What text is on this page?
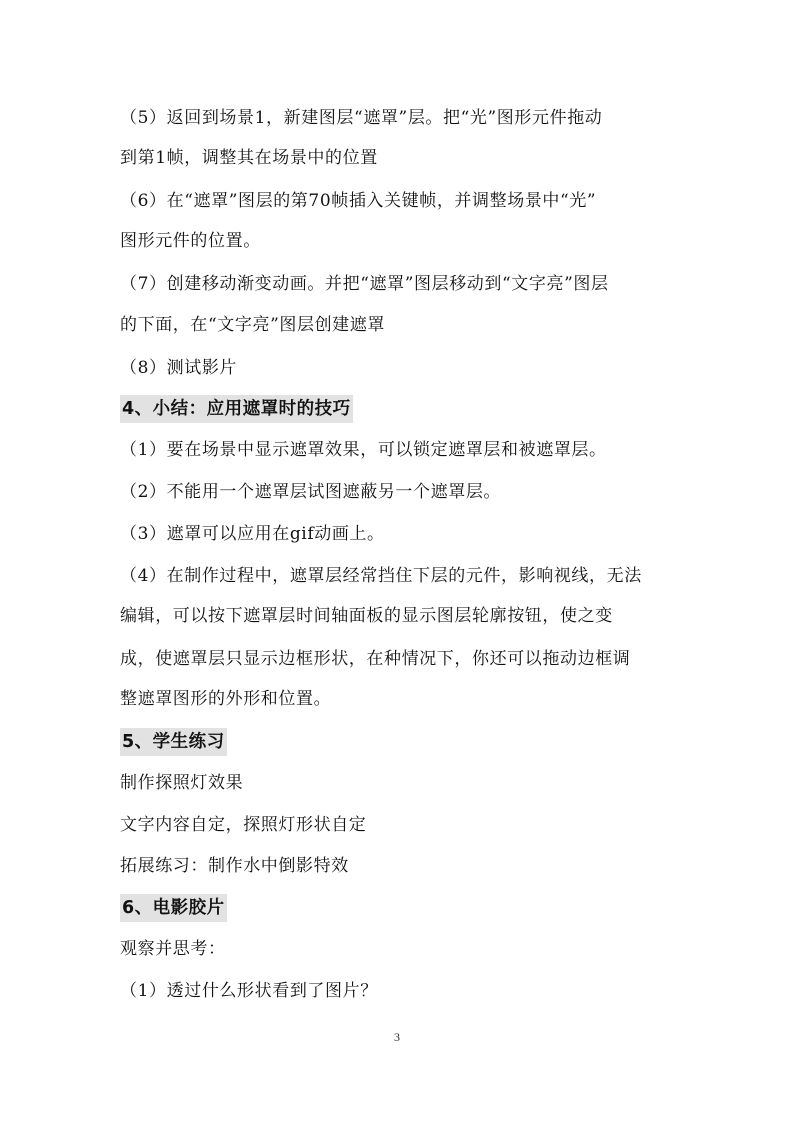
（5）返回到场景1，新建图层“遮罩”层。把“光”图形元件拖动
到第1帧，调整其在场景中的位置
（6）在“遮罩”图层的第70帧插入关键帧，并调整场景中“光”
图形元件的位置。
（7）创建移动渐变动画。并把“遮罩”图层移动到“文字亮”图层
的下面，在“文字亮”图层创建遮罩
（8）测试影片
4、小结：应用遮罩时的技巧
（1）要在场景中显示遮罩效果，可以锁定遮罩层和被遮罩层。
（2）不能用一个遮罩层试图遮蔽另一个遮罩层。
（3）遮罩可以应用在gif动画上。
（4）在制作过程中，遮罩层经常挡住下层的元件，影响视线，无法
编辑，可以按下遮罩层时间轴面板的显示图层轮廓按钮，使之变
成，使遮罩层只显示边框形状，在种情况下，你还可以拖动边框调
整遮罩图形的外形和位置。
5、学生练习
制作探照灯效果
文字内容自定，探照灯形状自定
拓展练习：制作水中倒影特效
6、电影胶片
观察并思考：
（1）透过什么形状看到了图片？
3
